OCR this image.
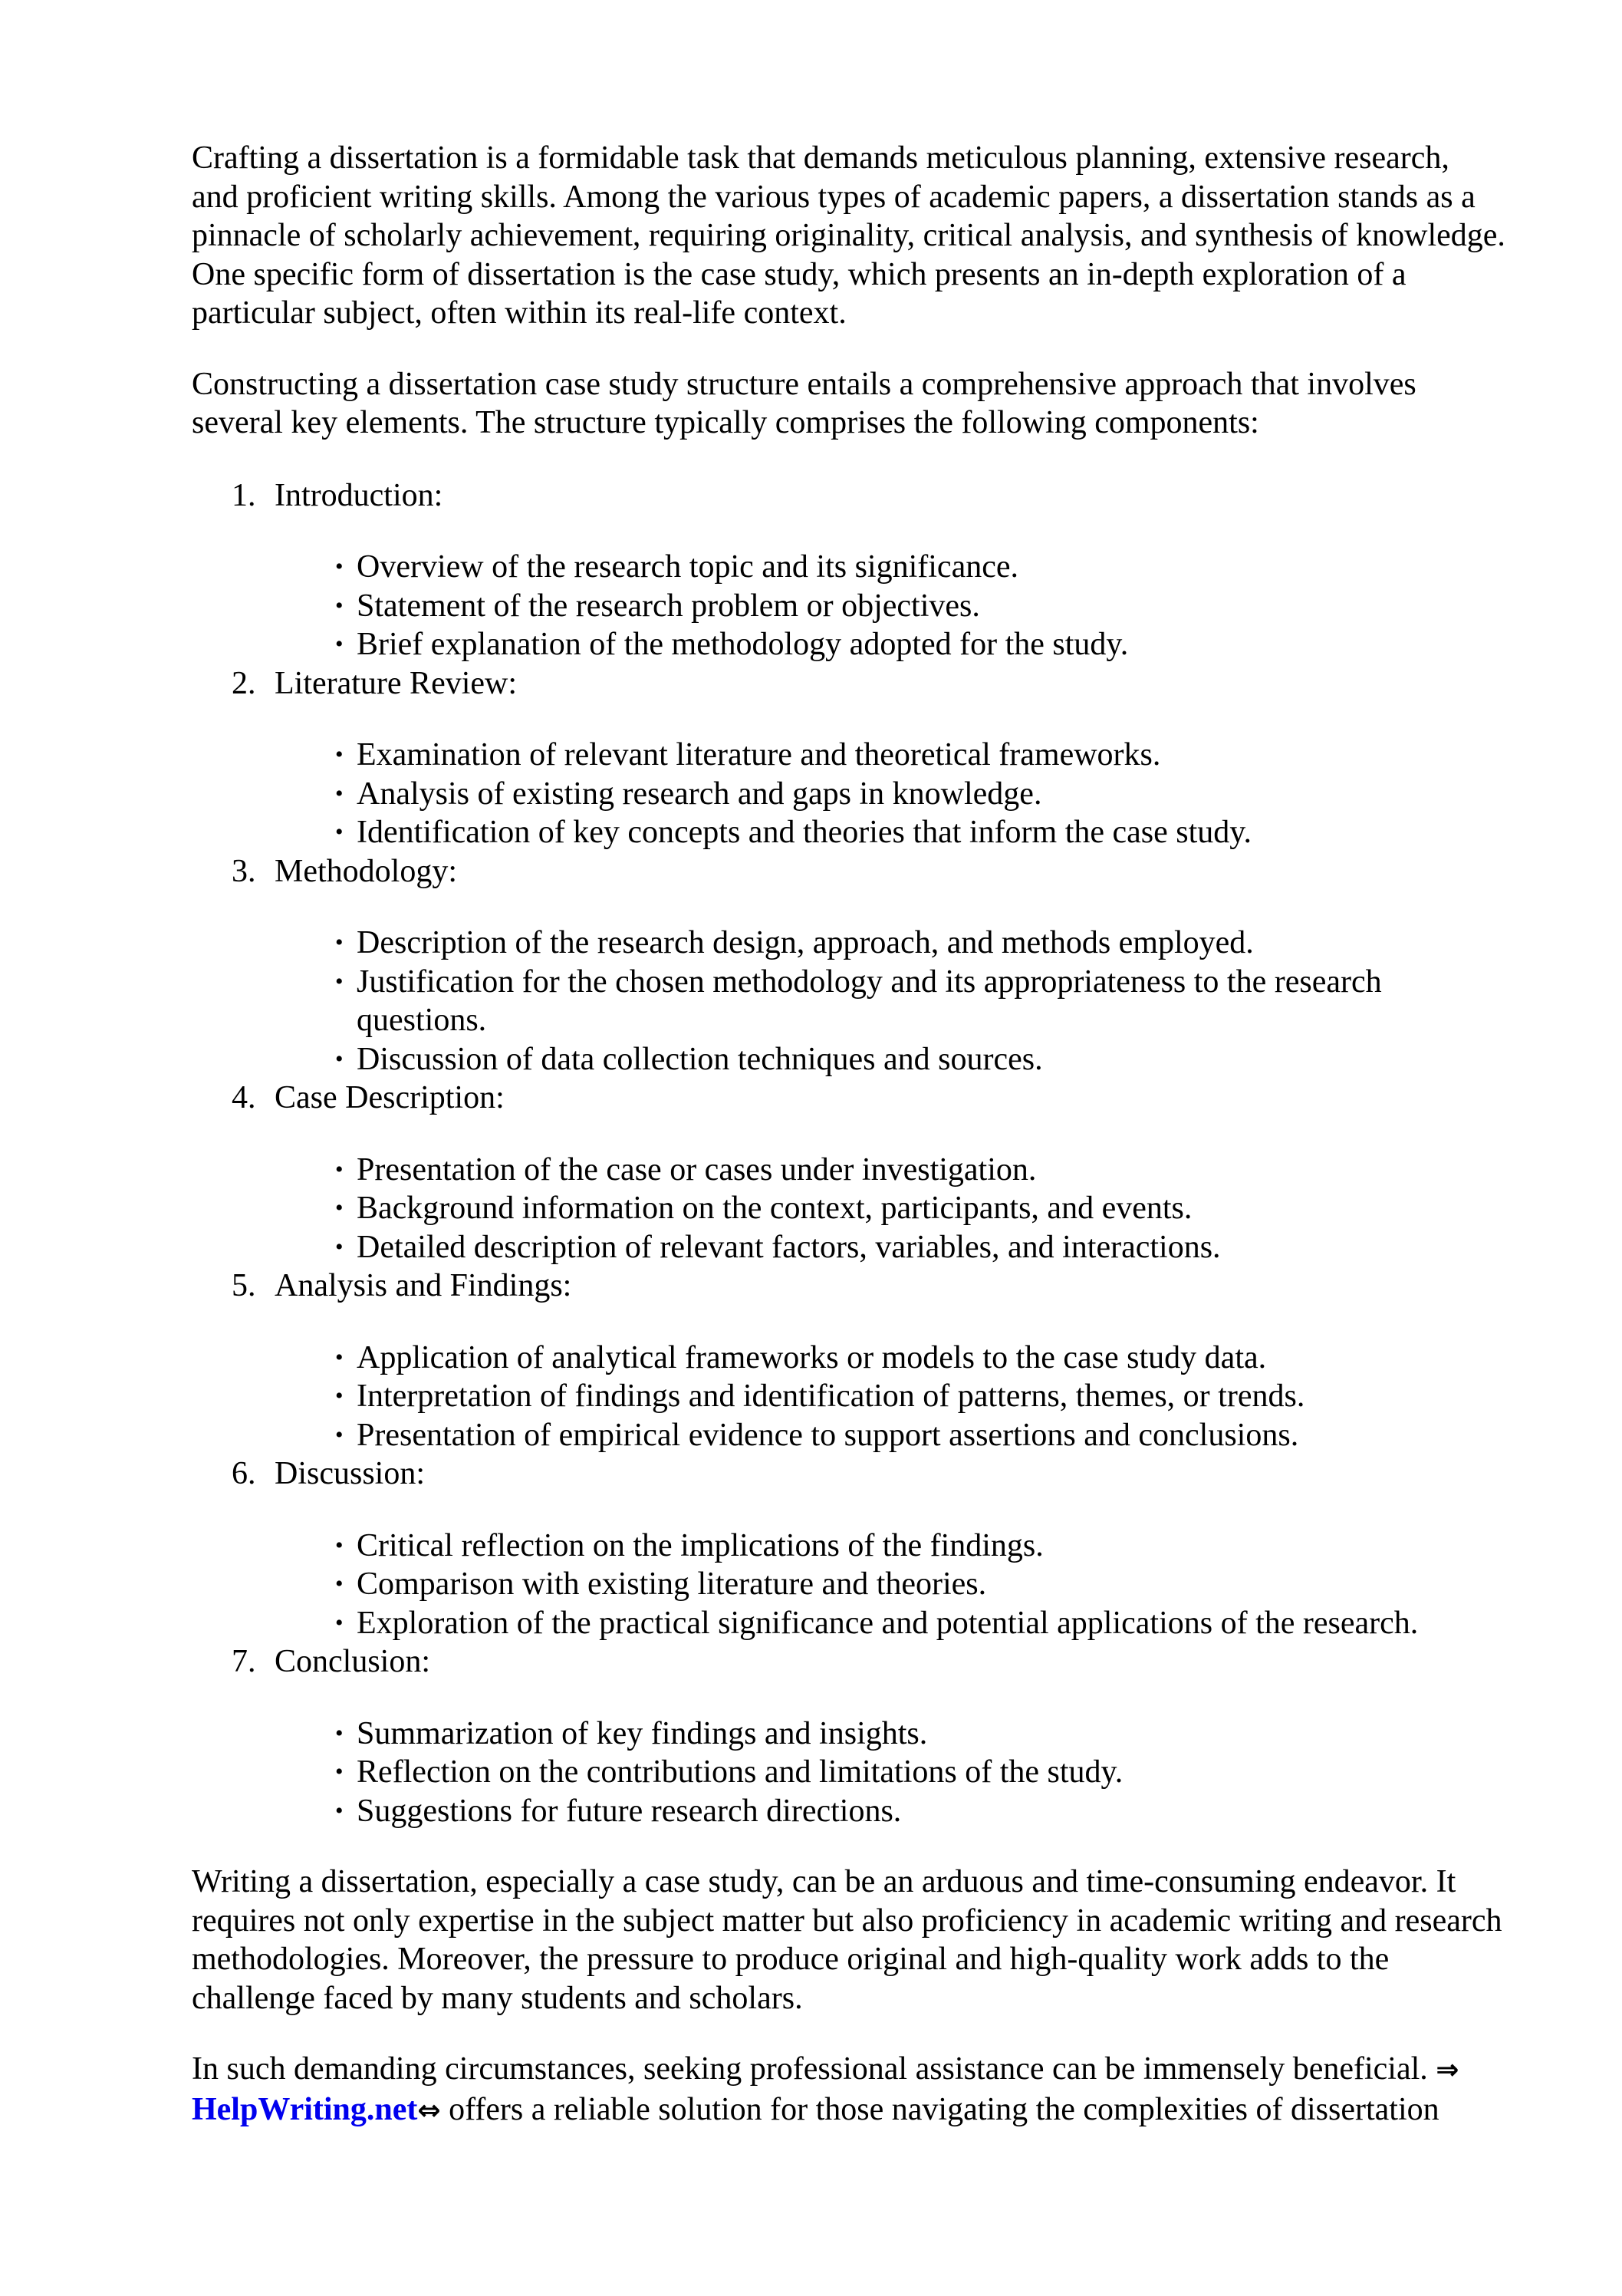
Crafting a dissertation is a formidable task that demands meticulous planning, extensive research,
and proficient writing skills. Among the various types of academic papers, a dissertation stands as a
pinnacle of scholarly achievement, requiring originality, critical analysis, and synthesis of knowledge.
One specific form of dissertation is the case study, which presents an in-depth exploration of a
particular subject, often within its real-life context.

Constructing a dissertation case study structure entails a comprehensive approach that involves
several key elements. The structure typically comprises the following components:

1. Introduction:
• Overview of the research topic and its significance.
• Statement of the research problem or objectives.
• Brief explanation of the methodology adopted for the study.
2. Literature Review:
• Examination of relevant literature and theoretical frameworks.
• Analysis of existing research and gaps in knowledge.
• Identification of key concepts and theories that inform the case study.
3. Methodology:
• Description of the research design, approach, and methods employed.
• Justification for the chosen methodology and its appropriateness to the research
questions.
• Discussion of data collection techniques and sources.
4. Case Description:
• Presentation of the case or cases under investigation.
• Background information on the context, participants, and events.
• Detailed description of relevant factors, variables, and interactions.
5. Analysis and Findings:
• Application of analytical frameworks or models to the case study data.
• Interpretation of findings and identification of patterns, themes, or trends.
• Presentation of empirical evidence to support assertions and conclusions.
6. Discussion:
• Critical reflection on the implications of the findings.
• Comparison with existing literature and theories.
• Exploration of the practical significance and potential applications of the research.
7. Conclusion:
• Summarization of key findings and insights.
• Reflection on the contributions and limitations of the study.
• Suggestions for future research directions.

Writing a dissertation, especially a case study, can be an arduous and time-consuming endeavor. It
requires not only expertise in the subject matter but also proficiency in academic writing and research
methodologies. Moreover, the pressure to produce original and high-quality work adds to the
challenge faced by many students and scholars.

In such demanding circumstances, seeking professional assistance can be immensely beneficial. ⇒
HelpWriting.net⇔ offers a reliable solution for those navigating the complexities of dissertation
